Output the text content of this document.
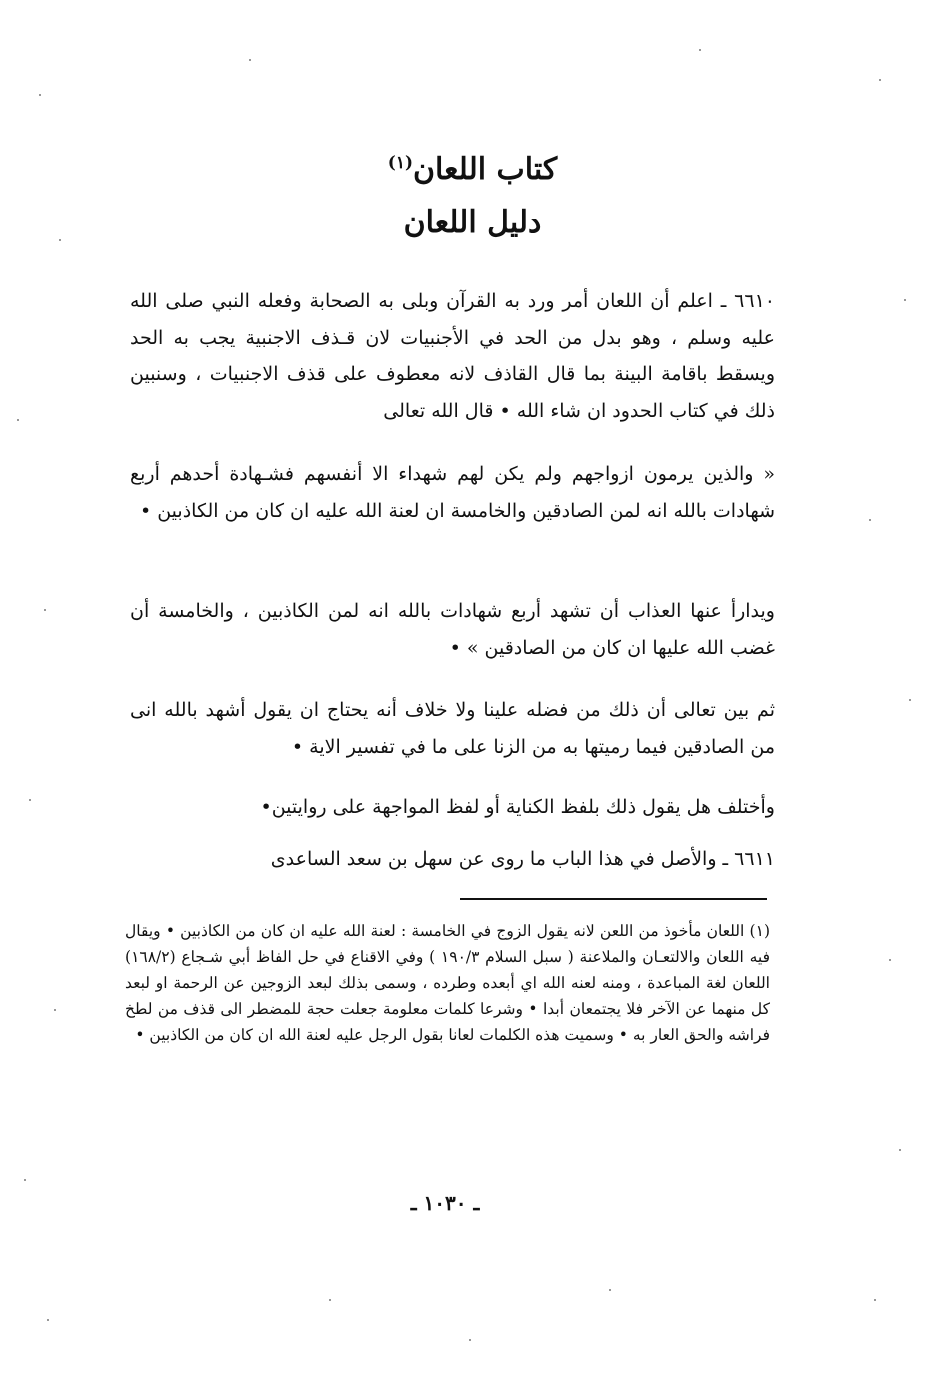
كتاب اللعان$^{(١)}$
دليل اللعان
٦٦١٠ ـ اعلم أن اللعان أمر ورد به القرآن وبلى به الصحابة وفعله النبي صلى الله عليه وسلم ، وهو بدل من الحد في الأجنبيات لان قـذف الاجنبية يجب به الحد ويسقط باقامة البينة بما قال القاذف لانه معطوف على قذف الاجنبيات ، وسنبين ذلك في كتاب الحدود ان شاء الله • قال الله تعالى
« والذين يرمون ازواجهم ولم يكن لهم شهداء الا أنفسهم فشـهادة أحدهم أربع شهادات بالله انه لمن الصادقين والخامسة ان لعنة الله عليه ان كان من الكاذبين •
ويدارأ عنها العذاب أن تشهد أربع شهادات بالله انه لمن الكاذبين ، والخامسة أن غضب الله عليها ان كان من الصادقين » •
ثم بين تعالى أن ذلك من فضله علينا ولا خلاف أنه يحتاج ان يقول أشهد بالله انى من الصادقين فيما رميتها به من الزنا على ما في تفسير الاية •
وأختلف هل يقول ذلك بلفظ الكناية أو لفظ المواجهة على روايتين•
٦٦١١ ـ والأصل في هذا الباب ما روى عن سهل بن سعد الساعدى
(١) اللعان مأخوذ من اللعن لانه يقول الزوج في الخامسة : لعنة الله عليه ان كان من الكاذبين • ويقال فيه اللعان والالتعـان والملاعنة ( سبل السلام ١٩٠/٣ ) وفي الاقناع في حل الفاظ أبي شـجاع (١٦٨/٢) اللعان لغة المباعدة ، ومنه لعنه الله اي أبعده وطرده ، وسمى بذلك لبعد الزوجين عن الرحمة او لبعد كل منهما عن الآخر فلا يجتمعان أبدا • وشرعا كلمات معلومة جعلت حجة للمضطر الى قذف من لطخ فراشه والحق العار به • وسميت هذه الكلمات لعانا بقول الرجل عليه لعنة الله ان كان من الكاذبين •
ـ ١٠٣٠ ـ
